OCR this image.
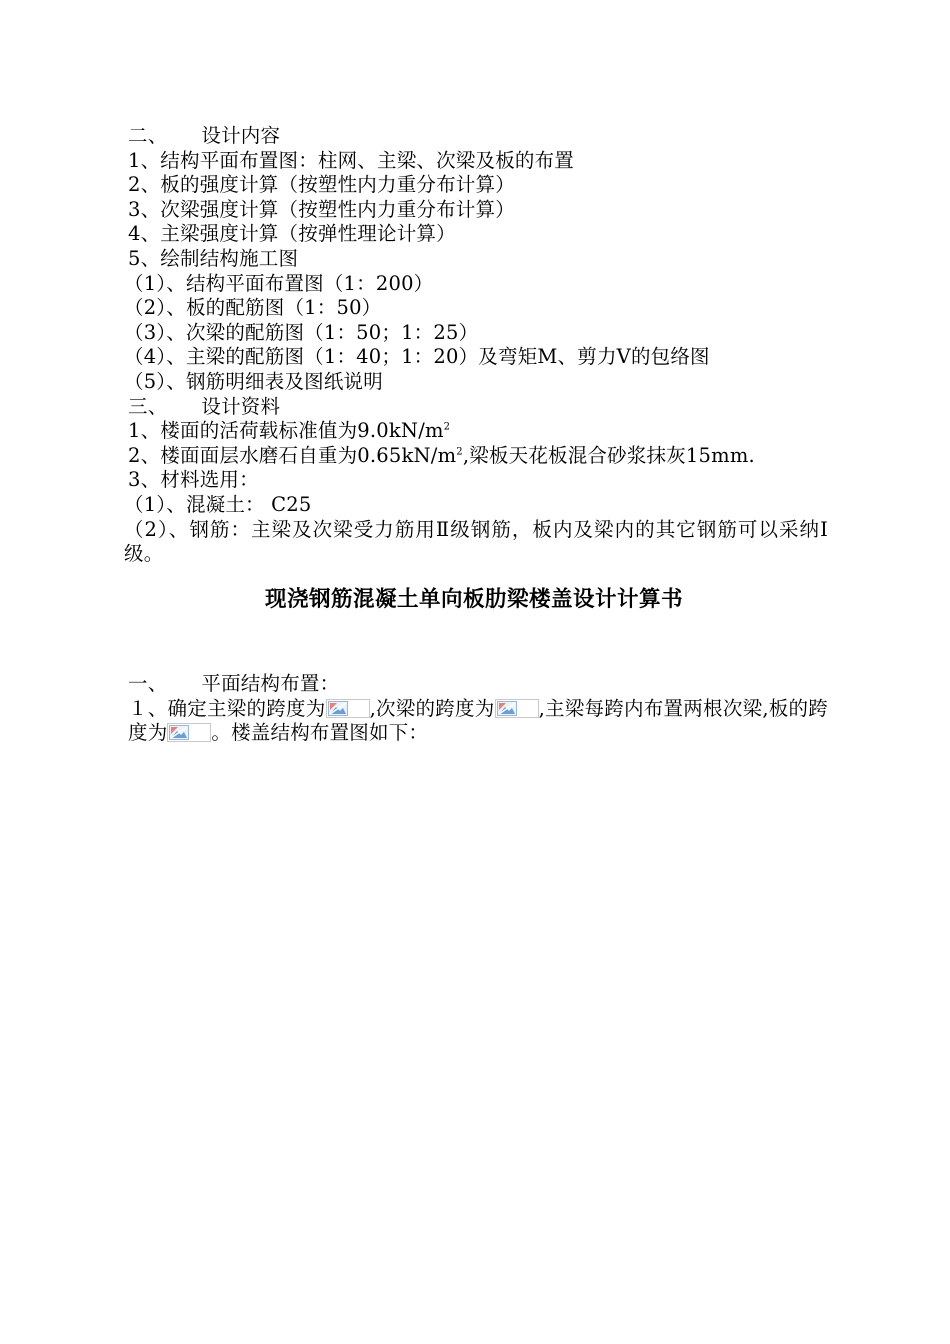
二、 设计内容
1、结构平面布置图：柱网、主梁、次梁及板的布置
2、板的强度计算（按塑性内力重分布计算）
3、次梁强度计算（按塑性内力重分布计算）
4、主梁强度计算（按弹性理论计算）
5、绘制结构施工图
（1）、结构平面布置图（1：200）
（2）、板的配筋图（1：50）
（3）、次梁的配筋图（1：50；1：25）
（4）、主梁的配筋图（1：40；1：20）及弯矩M、剪力V的包络图
（5）、钢筋明细表及图纸说明
三、 设计资料
1、楼面的活荷载标准值为$9.0kN/m^2$
2、楼面面层水磨石自重为$0.65kN/m^2$,梁板天花板混合砂浆抹灰15mm.
3、材料选用：
（1）、混凝土： C25
（2）、钢筋：主梁及次梁受力筋用Ⅱ级钢筋，板内及梁内的其它钢筋可以采纳Ⅰ级。
现浇钢筋混凝土单向板肋梁楼盖设计计算书
一、 平面结构布置：
１、确定主梁的跨度为 ,次梁的跨度为 ,主梁每跨内布置两根次梁,板的跨度为 。楼盖结构布置图如下：
